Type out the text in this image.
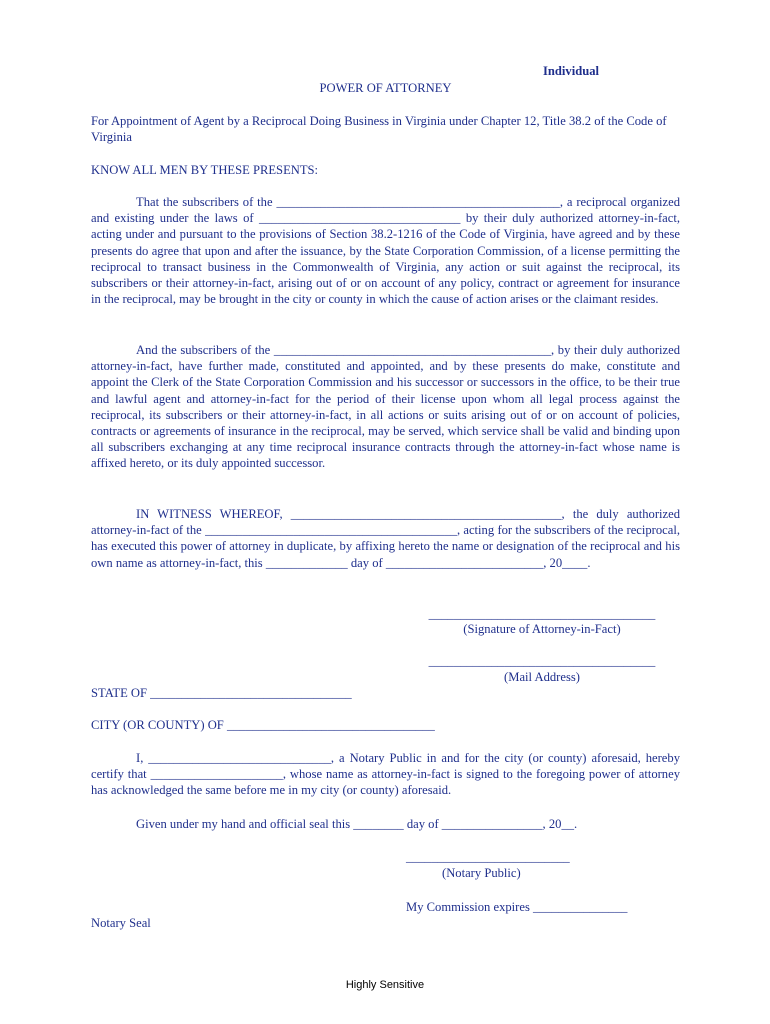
Individual
POWER OF ATTORNEY

For Appointment of Agent by a Reciprocal Doing Business in Virginia under Chapter 12, Title 38.2 of the Code of Virginia

KNOW ALL MEN BY THESE PRESENTS:

That the subscribers of the _____________________________________________, a reciprocal organized and existing under the laws of ________________________________ by their duly authorized attorney-in-fact, acting under and pursuant to the provisions of Section 38.2-1216 of the Code of Virginia, have agreed and by these presents do agree that upon and after the issuance, by the State Corporation Commission, of a license permitting the reciprocal to transact business in the Commonwealth of Virginia, any action or suit against the reciprocal, its subscribers or their attorney-in-fact, arising out of or on account of any policy, contract or agreement for insurance in the reciprocal, may be brought in the city or county in which the cause of action arises or the claimant resides.

And the subscribers of the ____________________________________________, by their duly authorized attorney-in-fact, have further made, constituted and appointed, and by these presents do make, constitute and appoint the Clerk of the State Corporation Commission and his successor or successors in the office, to be their true and lawful agent and attorney-in-fact for the period of their license upon whom all legal process against the reciprocal, its subscribers or their attorney-in-fact, in all actions or suits arising out of or on account of policies, contracts or agreements of insurance in the reciprocal, may be served, which service shall be valid and binding upon all subscribers exchanging at any time reciprocal insurance contracts through the attorney-in-fact whose name is affixed hereto, or its duly appointed successor.

IN WITNESS WHEREOF, ___________________________________________, the duly authorized attorney-in-fact of the ________________________________________, acting for the subscribers of the reciprocal, has executed this power of attorney in duplicate, by affixing hereto the name or designation of the reciprocal and his own name as attorney-in-fact, this _____________ day of _________________________, 20____.

____________________________________
(Signature of Attorney-in-Fact)
____________________________________
(Mail Address)

STATE OF ________________________________

CITY (OR COUNTY) OF _________________________________

I, _____________________________, a Notary Public in and for the city (or county) aforesaid, hereby certify that _____________________, whose name as attorney-in-fact is signed to the foregoing power of attorney has acknowledged the same before me in my city (or county) aforesaid.

Given under my hand and official seal this ________ day of ________________, 20__.

__________________________
(Notary Public)
My Commission expires _______________
Notary Seal
Highly Sensitive
